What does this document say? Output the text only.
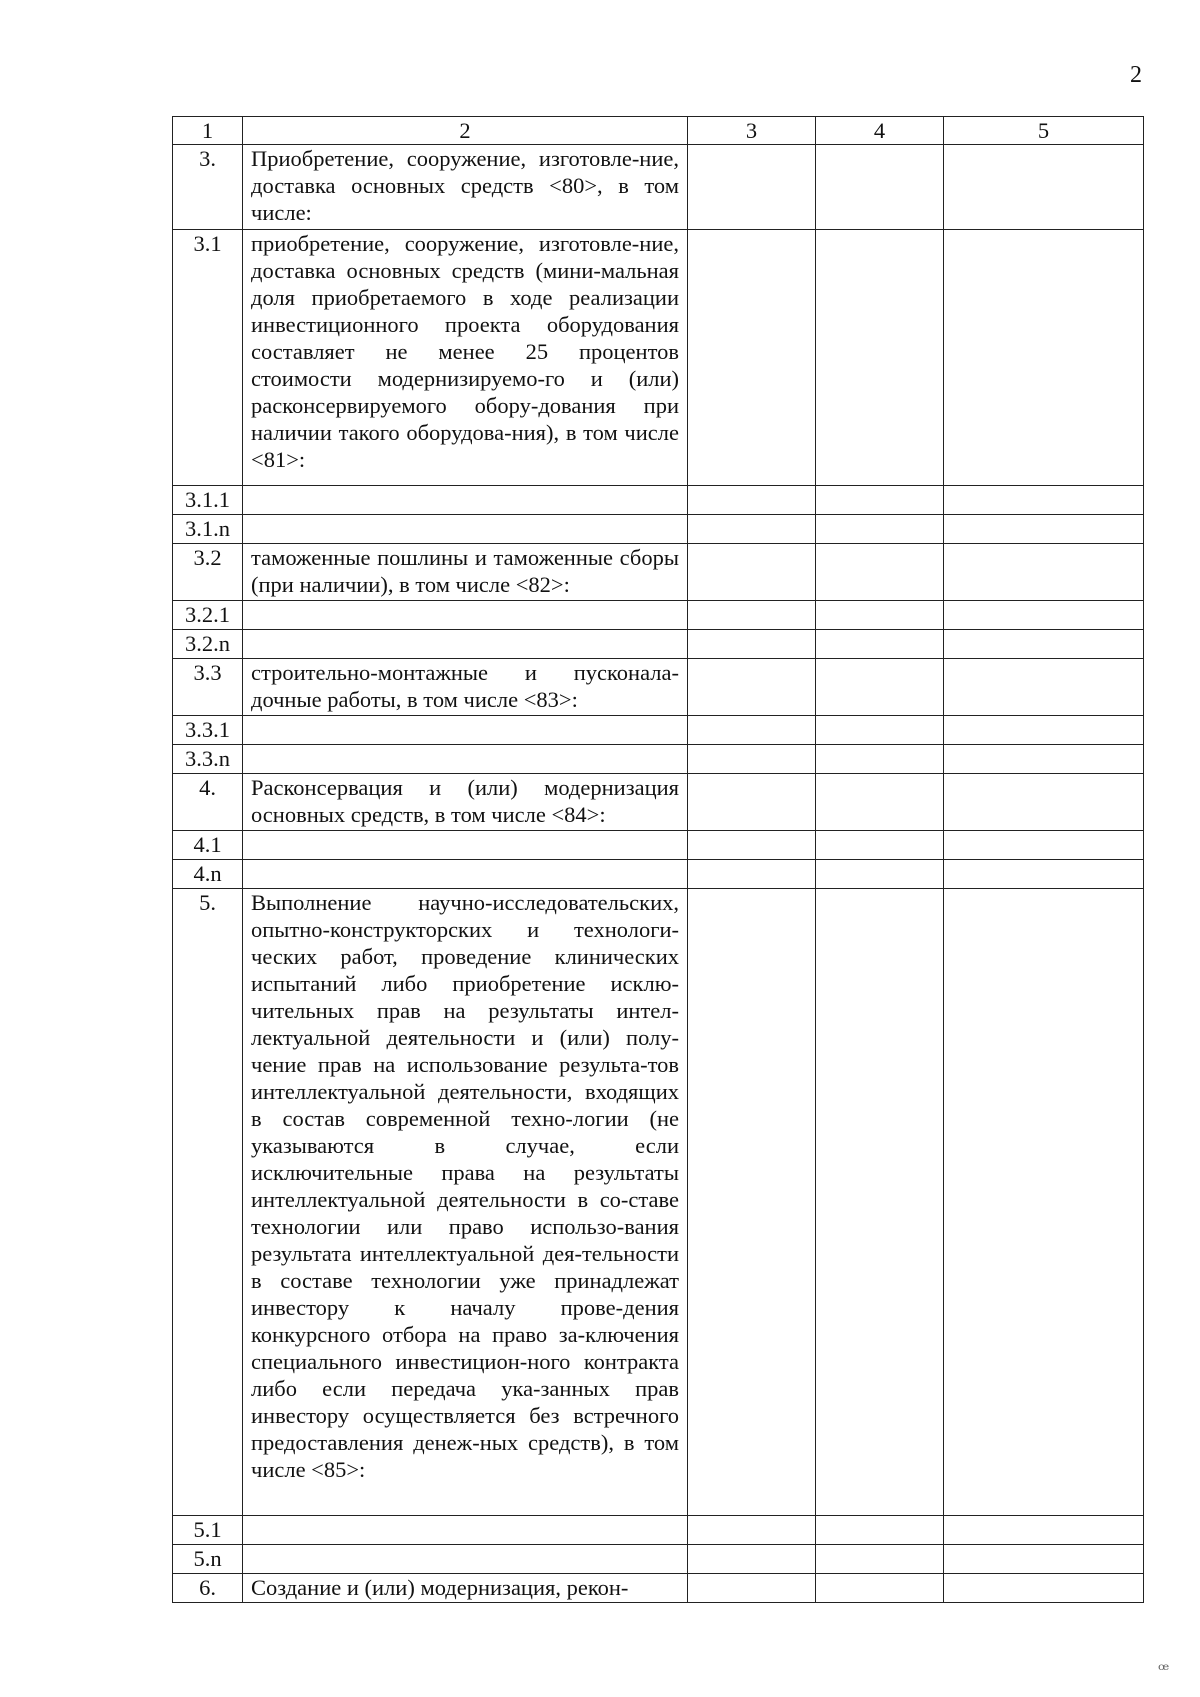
2
1	2	3	4	5
3.	Приобретение, сооружение, изготовле-ние, доставка основных средств <80>, в том числе:			
3.1	приобретение, сооружение, изготовле-ние, доставка основных средств (мини-мальная доля приобретаемого в ходе реализации инвестиционного проекта оборудования составляет не менее 25 процентов стоимости модернизируемо-го и (или) расконсервируемого обору-дования при наличии такого оборудова-ния), в том числе <81>:			
3.1.1				
3.1.n				
3.2	таможенные пошлины и таможенные сборы (при наличии), в том числе <82>:			
3.2.1				
3.2.n				
3.3	строительно-монтажные и пусконала-дочные работы, в том числе <83>:			
3.3.1				
3.3.n				
4.	Расконсервация и (или) модернизация основных средств, в том числе <84>:			
4.1				
4.n				
5.	Выполнение научно-исследовательских, опытно-конструкторских и технологи-ческих работ, проведение клинических испытаний либо приобретение исклю-чительных прав на результаты интел-лектуальной деятельности и (или) полу-чение прав на использование результа-тов интеллектуальной деятельности, входящих в состав современной техно-логии (не указываются в случае, если исключительные права на результаты интеллектуальной деятельности в со-ставе технологии или право использо-вания результата интеллектуальной дея-тельности в составе технологии уже принадлежат инвестору к началу прове-дения конкурсного отбора на право за-ключения специального инвестицион-ного контракта либо если передача ука-занных прав инвестору осуществляется без встречного предоставления денеж-ных средств), в том числе <85>:			
5.1				
5.n				
6.	Создание и (или) модернизация, рекон-			
ꟹ
